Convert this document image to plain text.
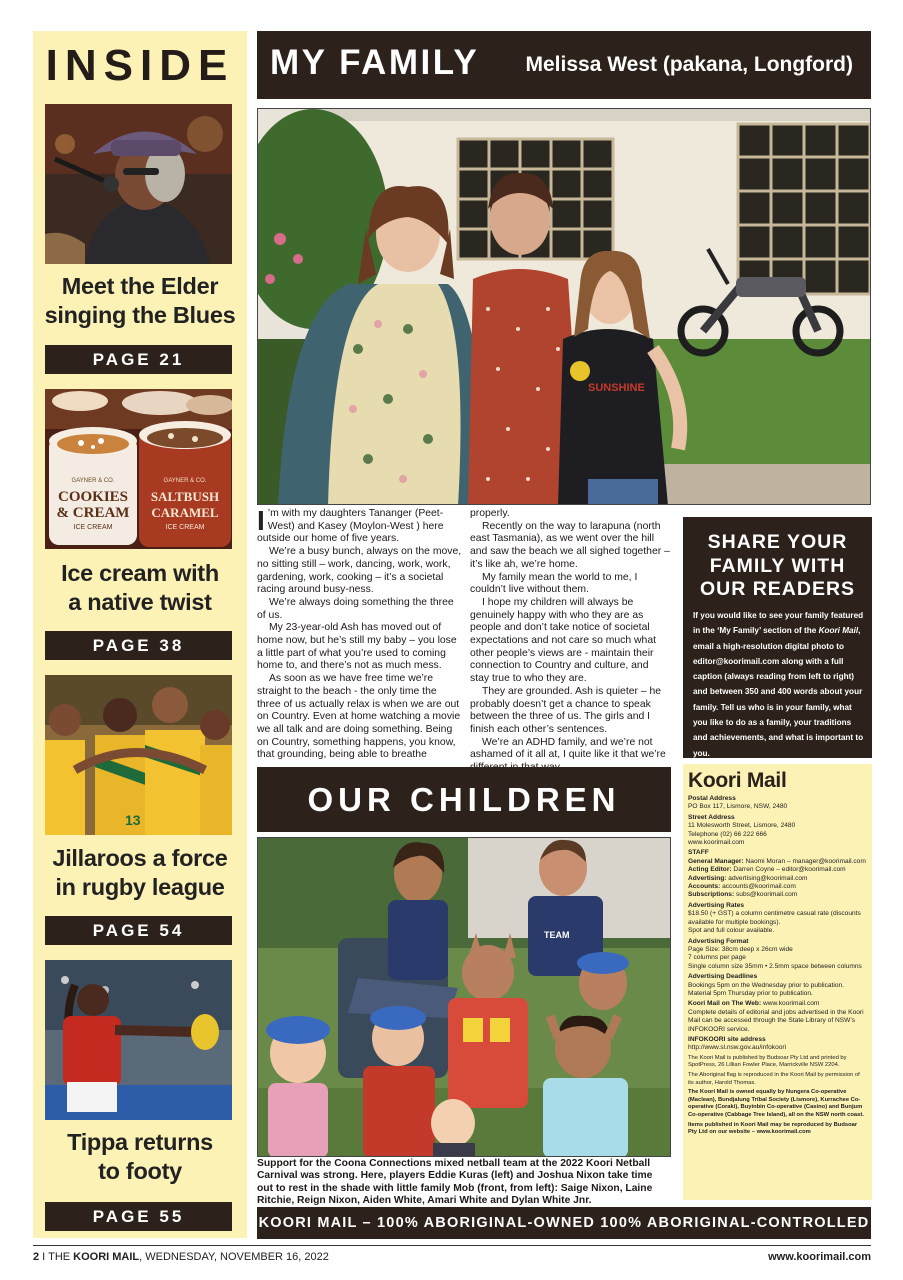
INSIDE
Meet the Elder
singing the Blues
PAGE 21
GAYNER & CO.
COOKIES
& CREAM
ICE CREAM
GAYNER & CO.
SALTBUSH
CARAMEL
ICE CREAM
Ice cream with
a native twist
PAGE 38
13
Jillaroos a force
in rugby league
PAGE 54
Tippa returns
to footy
PAGE 55
MY FAMILY Melissa West (pakana, Longford)
SUNSHINE

I ’m with my daughters Tananger (Peet-West) and Kasey (Moylon-West ) here outside our home of five years.

We’re a busy bunch, always on the move, no sitting still – work, dancing, work, work, gardening, work, cooking – it’s a societal racing around busy-ness.

We’re always doing something the three of us.

My 23-year-old Ash has moved out of home now, but he’s still my baby – you lose a little part of what you’re used to coming home to, and there’s not as much mess.

As soon as we have free time we’re straight to the beach - the only time the three of us actually relax is when we are out on Country. Even at home watching a movie we all talk and are doing something. Being on Country, something happens, you know, that grounding, being able to breathe

properly.

Recently on the way to larapuna (north east Tasmania), as we went over the hill and saw the beach we all sighed together – it’s like ah, we’re home.

My family mean the world to me, I couldn’t live without them.

I hope my children will always be genuinely happy with who they are as people and don’t take notice of societal expectations and not care so much what other people’s views are - maintain their connection to Country and culture, and stay true to who they are.

They are grounded. Ash is quieter – he probably doesn’t get a chance to speak between the three of us. The girls and I finish each other’s sentences.

We’re an ADHD family, and we’re not ashamed of it all at, I quite like it that we’re

SHARE YOUR
FAMILY WITH
OUR READERS
If you would like to see your family featured in the ‘My Family’ section of the Koori Mail, email a high-resolution digital photo to editor@koorimail.com along with a full caption (always reading from left to right) and between 350 and 400 words about your family. Tell us who is in your family, what you like to do as a family, your traditions and achievements, and what is important to you.
OUR CHILDREN
TEAM
Support for the Coona Connections mixed netball team at the 2022 Koori Netball Carnival was strong. Here, players Eddie Kuras (left) and Joshua Nixon take time out to rest in the shade with little family Mob (front, from left): Saige Nixon, Laine Ritchie, Reign Nixon, Aiden White, Amari White and Dylan White Jnr.
Koori Mail
Postal Address
PO Box 117, Lismore, NSW, 2480
Street Address
11 Molesworth Street, Lismore, 2480
Telephone (02) 66 222 666
www.koorimail.com
STAFF
General Manager: Naomi Moran – manager@koorimail.com
Acting Editor: Darren Coyne – editor@koorimail.com
Advertising: advertising@koorimail.com
Accounts: accounts@koorimail.com
Subscriptions: subs@koorimail.com
Advertising Rates
$18.50 (+ GST) a column centimetre casual rate (discounts available for multiple bookings).
Spot and full colour available.
Advertising Format
Page Size: 38cm deep x 26cm wide
7 columns per page
Single column size 35mm • 2.5mm space between columns
Advertising Deadlines
Bookings 5pm on the Wednesday prior to publication.
Material 5pm Thursday prior to publication.
Koori Mail on The Web: www.koorimail.com
Complete details of editorial and jobs advertised in the Koori Mail can be accessed through the State Library of NSW’s INFOKOORI service.
INFOKOORI site address
http://www.sl.nsw.gov.au/infokoori
The Koori Mail is published by Budsoar Pty Ltd and printed by SpotPress, 26 Lillian Fowler Place, Marrickville NSW 2204.
The Aboriginal flag is reproduced in the Koori Mail by permission of its author, Harold Thomas.
The Koori Mail is owned equally by Nungera Co-operative (Maclean), Bundjalung Tribal Society (Lismore), Kurrachee Co-operative (Coraki), Buyinbin Co-operative (Casino) and Bunjum Co-operative (Cabbage Tree Island), all on the NSW north coast.
Items published in Koori Mail may be reproduced by Budsoar Pty Ltd on our website – www.koorimail.com
KOORI MAIL – 100% ABORIGINAL-OWNED 100% ABORIGINAL-CONTROLLED
2 I THE KOORI MAIL, WEDNESDAY, NOVEMBER 16, 2022	www.koorimail.com
